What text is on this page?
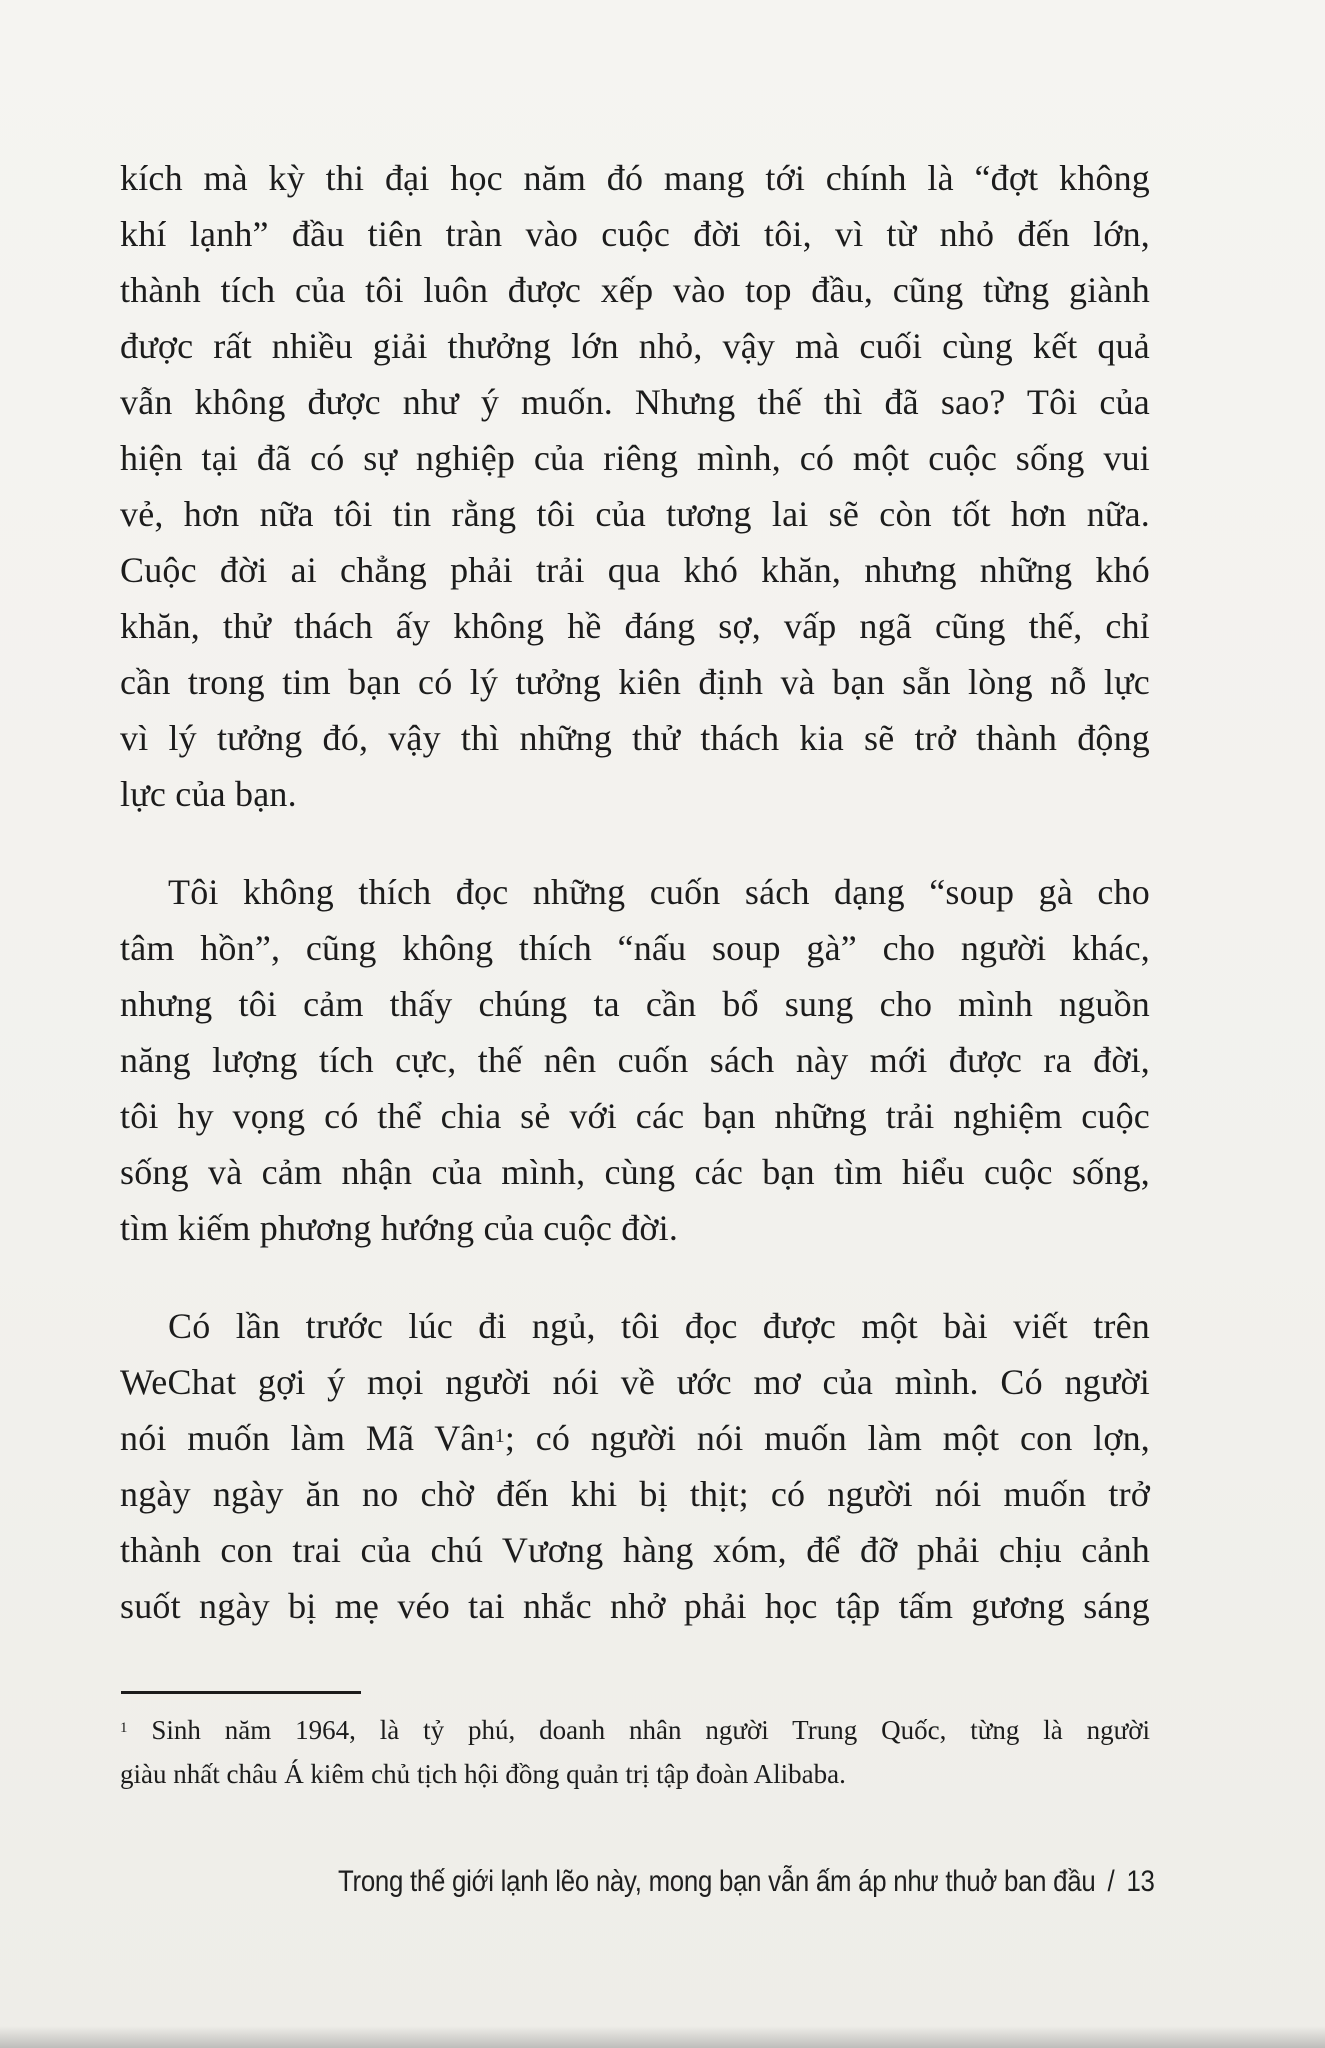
kích mà kỳ thi đại học năm đó mang tới chính là “đợt không
khí lạnh” đầu tiên tràn vào cuộc đời tôi, vì từ nhỏ đến lớn,
thành tích của tôi luôn được xếp vào top đầu, cũng từng giành
được rất nhiều giải thưởng lớn nhỏ, vậy mà cuối cùng kết quả
vẫn không được như ý muốn. Nhưng thế thì đã sao? Tôi của
hiện tại đã có sự nghiệp của riêng mình, có một cuộc sống vui
vẻ, hơn nữa tôi tin rằng tôi của tương lai sẽ còn tốt hơn nữa.
Cuộc đời ai chẳng phải trải qua khó khăn, nhưng những khó
khăn, thử thách ấy không hề đáng sợ, vấp ngã cũng thế, chỉ
cần trong tim bạn có lý tưởng kiên định và bạn sẵn lòng nỗ lực
vì lý tưởng đó, vậy thì những thử thách kia sẽ trở thành động
lực của bạn.
Tôi không thích đọc những cuốn sách dạng “soup gà cho
tâm hồn”, cũng không thích “nấu soup gà” cho người khác,
nhưng tôi cảm thấy chúng ta cần bổ sung cho mình nguồn
năng lượng tích cực, thế nên cuốn sách này mới được ra đời,
tôi hy vọng có thể chia sẻ với các bạn những trải nghiệm cuộc
sống và cảm nhận của mình, cùng các bạn tìm hiểu cuộc sống,
tìm kiếm phương hướng của cuộc đời.
Có lần trước lúc đi ngủ, tôi đọc được một bài viết trên
WeChat gợi ý mọi người nói về ước mơ của mình. Có người
nói muốn làm Mã Vân$^1$; có người nói muốn làm một con lợn,
ngày ngày ăn no chờ đến khi bị thịt; có người nói muốn trở
thành con trai của chú Vương hàng xóm, để đỡ phải chịu cảnh
suốt ngày bị mẹ véo tai nhắc nhở phải học tập tấm gương sáng
$^1$ Sinh năm 1964, là tỷ phú, doanh nhân người Trung Quốc, từng là người
giàu nhất châu Á kiêm chủ tịch hội đồng quản trị tập đoàn Alibaba.
Trong thế giới lạnh lẽo này, mong bạn vẫn ấm áp như thuở ban đầu / 13
